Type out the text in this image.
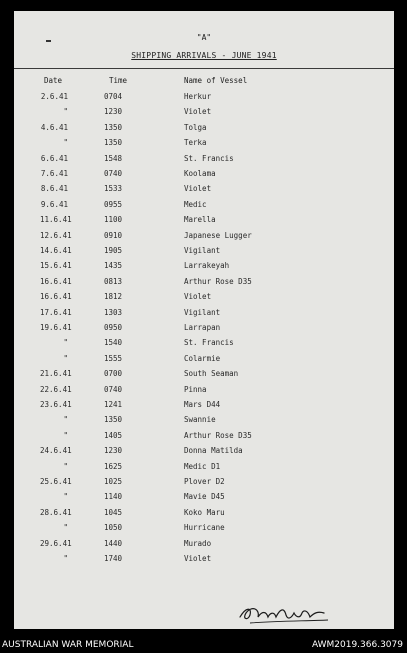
"A"
SHIPPING ARRIVALS - JUNE 1941
Date	Time	Name of Vessel
2.6.41	0704	Herkur
"	1230	Violet
4.6.41	1350	Tolga
"	1350	Terka
6.6.41	1548	St. Francis
7.6.41	0740	Koolama
8.6.41	1533	Violet
9.6.41	0955	Medic
11.6.41	1100	Marella
12.6.41	0910	Japanese Lugger
14.6.41	1905	Vigilant
15.6.41	1435	Larrakeyah
16.6.41	0813	Arthur Rose D35
16.6.41	1812	Violet
17.6.41	1303	Vigilant
19.6.41	0950	Larrapan
"	1540	St. Francis
"	1555	Colarmie
21.6.41	0700	South Seaman
22.6.41	0740	Pinna
23.6.41	1241	Mars D44
"	1350	Swannie
"	1405	Arthur Rose D35
24.6.41	1230	Donna Matilda
"	1625	Medic D1
25.6.41	1025	Plover D2
"	1140	Mavie D45
28.6.41	1045	Koko Maru
"	1050	Hurricane
29.6.41	1440	Murado
"	1740	Violet
AUSTRALIAN WAR MEMORIAL	AWM2019.366.3079
